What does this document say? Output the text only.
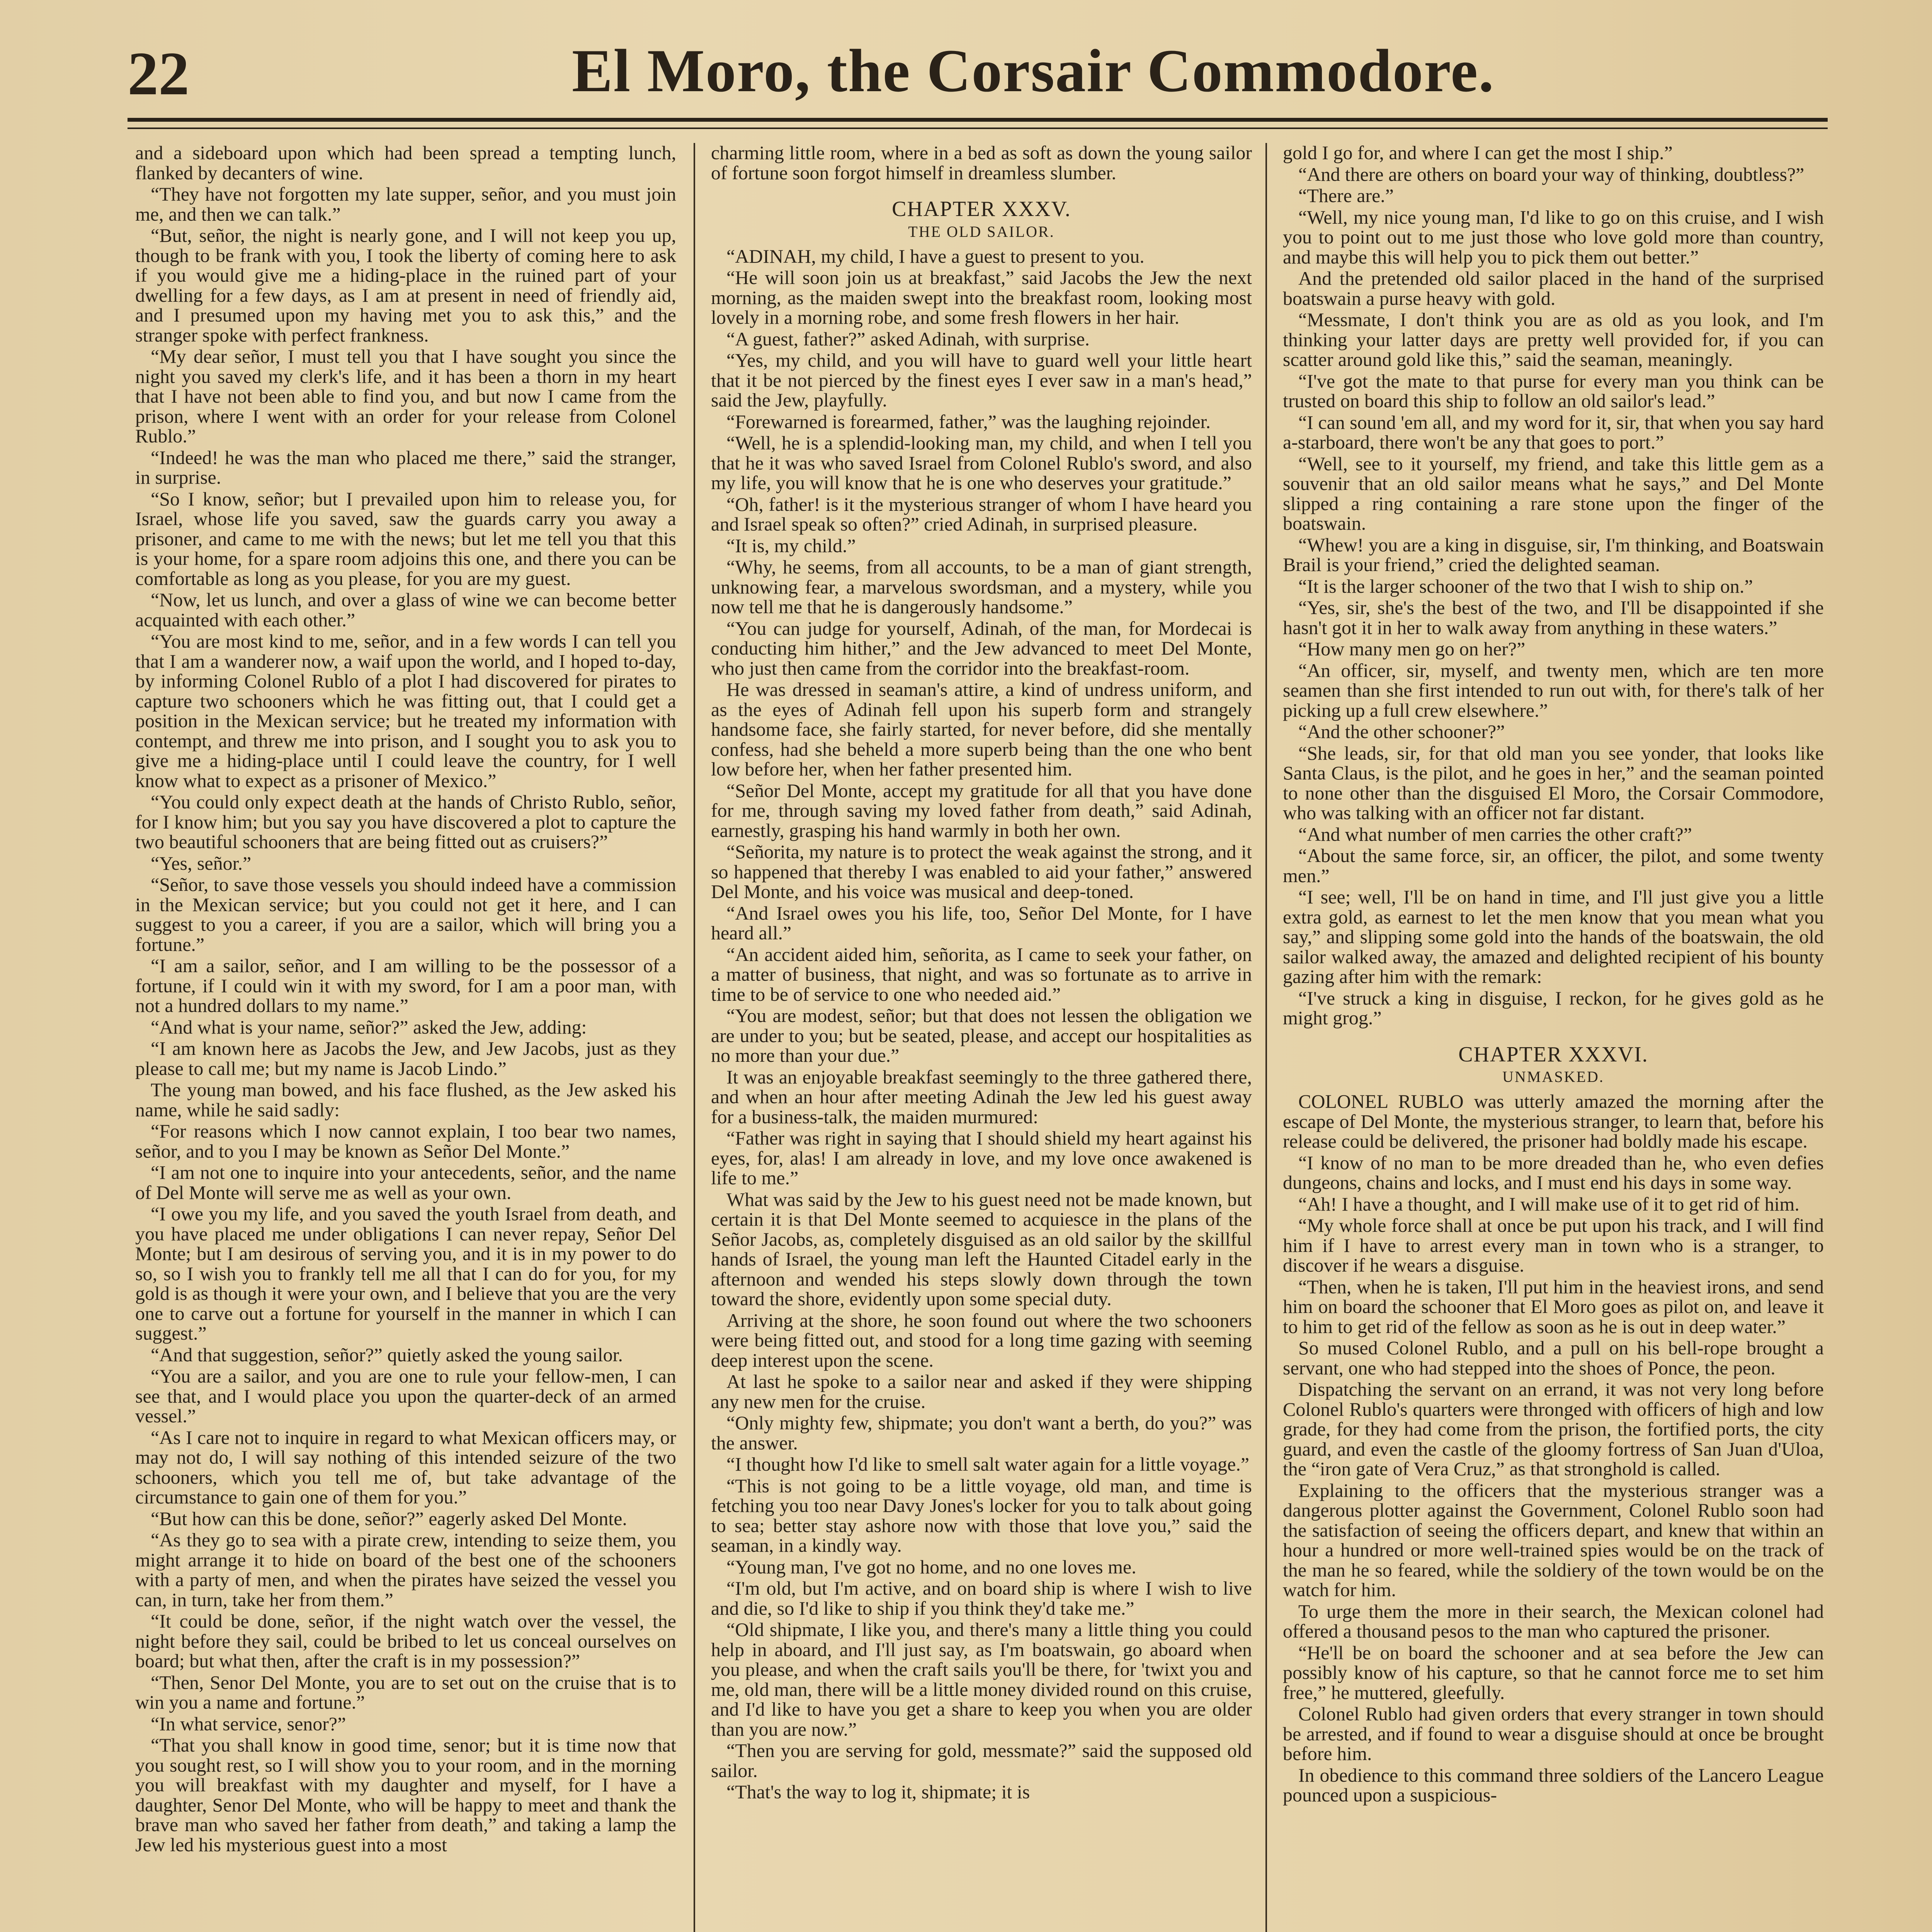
22	El Moro, the Corsair Commodore.

and a sideboard upon which had been spread a tempting lunch, flanked by decanters of wine.

“They have not forgotten my late supper, señor, and you must join me, and then we can talk.”

“But, señor, the night is nearly gone, and I will not keep you up, though to be frank with you, I took the liberty of coming here to ask if you would give me a hiding-place in the ruined part of your dwelling for a few days, as I am at present in need of friendly aid, and I presumed upon my having met you to ask this,” and the stranger spoke with perfect frankness.

“My dear señor, I must tell you that I have sought you since the night you saved my clerk's life, and it has been a thorn in my heart that I have not been able to find you, and but now I came from the prison, where I went with an order for your release from Colonel Rublo.”

“Indeed! he was the man who placed me there,” said the stranger, in surprise.

“So I know, señor; but I prevailed upon him to release you, for Israel, whose life you saved, saw the guards carry you away a prisoner, and came to me with the news; but let me tell you that this is your home, for a spare room adjoins this one, and there you can be comfortable as long as you please, for you are my guest.

“Now, let us lunch, and over a glass of wine we can become better acquainted with each other.”

“You are most kind to me, señor, and in a few words I can tell you that I am a wanderer now, a waif upon the world, and I hoped to-day, by informing Colonel Rublo of a plot I had discovered for pirates to capture two schooners which he was fitting out, that I could get a position in the Mexican service; but he treated my information with contempt, and threw me into prison, and I sought you to ask you to give me a hiding-place until I could leave the country, for I well know what to expect as a prisoner of Mexico.”

“You could only expect death at the hands of Christo Rublo, señor, for I know him; but you say you have discovered a plot to capture the two beautiful schooners that are being fitted out as cruisers?”

“Yes, señor.”

“Señor, to save those vessels you should indeed have a commission in the Mexican service; but you could not get it here, and I can suggest to you a career, if you are a sailor, which will bring you a fortune.”

“I am a sailor, señor, and I am willing to be the possessor of a fortune, if I could win it with my sword, for I am a poor man, with not a hundred dollars to my name.”

“And what is your name, señor?” asked the Jew, adding:

“I am known here as Jacobs the Jew, and Jew Jacobs, just as they please to call me; but my name is Jacob Lindo.”

The young man bowed, and his face flushed, as the Jew asked his name, while he said sadly:

“For reasons which I now cannot explain, I too bear two names, señor, and to you I may be known as Señor Del Monte.”

“I am not one to inquire into your antecedents, señor, and the name of Del Monte will serve me as well as your own.

“I owe you my life, and you saved the youth Israel from death, and you have placed me under obligations I can never repay, Señor Del Monte; but I am desirous of serving you, and it is in my power to do so, so I wish you to frankly tell me all that I can do for you, for my gold is as though it were your own, and I believe that you are the very one to carve out a fortune for yourself in the manner in which I can suggest.”

“And that suggestion, señor?” quietly asked the young sailor.

“You are a sailor, and you are one to rule your fellow-men, I can see that, and I would place you upon the quarter-deck of an armed vessel.”

“As I care not to inquire in regard to what Mexican officers may, or may not do, I will say nothing of this intended seizure of the two schooners, which you tell me of, but take advantage of the circumstance to gain one of them for you.”

“But how can this be done, señor?” eagerly asked Del Monte.

“As they go to sea with a pirate crew, intending to seize them, you might arrange it to hide on board of the best one of the schooners with a party of men, and when the pirates have seized the vessel you can, in turn, take her from them.”

“It could be done, señor, if the night watch over the vessel, the night before they sail, could be bribed to let us conceal ourselves on board; but what then, after the craft is in my possession?”

“Then, Senor Del Monte, you are to set out on the cruise that is to win you a name and fortune.”

“In what service, senor?”

“That you shall know in good time, senor; but it is time now that you sought rest, so I will show you to your room, and in the morning you will breakfast with my daughter and myself, for I have a daughter, Senor Del Monte, who will be happy to meet and thank the brave man who saved her father from death,” and taking a lamp the Jew led his mysterious guest into a most

charming little room, where in a bed as soft as down the young sailor of fortune soon forgot himself in dreamless slumber.

CHAPTER XXXV.
THE OLD SAILOR.

“ADINAH, my child, I have a guest to present to you.

“He will soon join us at breakfast,” said Jacobs the Jew the next morning, as the maiden swept into the breakfast room, looking most lovely in a morning robe, and some fresh flowers in her hair.

“A guest, father?” asked Adinah, with surprise.

“Yes, my child, and you will have to guard well your little heart that it be not pierced by the finest eyes I ever saw in a man's head,” said the Jew, playfully.

“Forewarned is forearmed, father,” was the laughing rejoinder.

“Well, he is a splendid-looking man, my child, and when I tell you that he it was who saved Israel from Colonel Rublo's sword, and also my life, you will know that he is one who deserves your gratitude.”

“Oh, father! is it the mysterious stranger of whom I have heard you and Israel speak so often?” cried Adinah, in surprised pleasure.

“It is, my child.”

“Why, he seems, from all accounts, to be a man of giant strength, unknowing fear, a marvelous swordsman, and a mystery, while you now tell me that he is dangerously handsome.”

“You can judge for yourself, Adinah, of the man, for Mordecai is conducting him hither,” and the Jew advanced to meet Del Monte, who just then came from the corridor into the breakfast-room.

He was dressed in seaman's attire, a kind of undress uniform, and as the eyes of Adinah fell upon his superb form and strangely handsome face, she fairly started, for never before, did she mentally confess, had she beheld a more superb being than the one who bent low before her, when her father presented him.

“Señor Del Monte, accept my gratitude for all that you have done for me, through saving my loved father from death,” said Adinah, earnestly, grasping his hand warmly in both her own.

“Señorita, my nature is to protect the weak against the strong, and it so happened that thereby I was enabled to aid your father,” answered Del Monte, and his voice was musical and deep-toned.

“And Israel owes you his life, too, Señor Del Monte, for I have heard all.”

“An accident aided him, señorita, as I came to seek your father, on a matter of business, that night, and was so fortunate as to arrive in time to be of service to one who needed aid.”

“You are modest, señor; but that does not lessen the obligation we are under to you; but be seated, please, and accept our hospitalities as no more than your due.”

It was an enjoyable breakfast seemingly to the three gathered there, and when an hour after meeting Adinah the Jew led his guest away for a business-talk, the maiden murmured:

“Father was right in saying that I should shield my heart against his eyes, for, alas! I am already in love, and my love once awakened is life to me.”

What was said by the Jew to his guest need not be made known, but certain it is that Del Monte seemed to acquiesce in the plans of the Señor Jacobs, as, completely disguised as an old sailor by the skillful hands of Israel, the young man left the Haunted Citadel early in the afternoon and wended his steps slowly down through the town toward the shore, evidently upon some special duty.

Arriving at the shore, he soon found out where the two schooners were being fitted out, and stood for a long time gazing with seeming deep interest upon the scene.

At last he spoke to a sailor near and asked if they were shipping any new men for the cruise.

“Only mighty few, shipmate; you don't want a berth, do you?” was the answer.

“I thought how I'd like to smell salt water again for a little voyage.”

“This is not going to be a little voyage, old man, and time is fetching you too near Davy Jones's locker for you to talk about going to sea; better stay ashore now with those that love you,” said the seaman, in a kindly way.

“Young man, I've got no home, and no one loves me.

“I'm old, but I'm active, and on board ship is where I wish to live and die, so I'd like to ship if you think they'd take me.”

“Old shipmate, I like you, and there's many a little thing you could help in aboard, and I'll just say, as I'm boatswain, go aboard when you please, and when the craft sails you'll be there, for 'twixt you and me, old man, there will be a little money divided round on this cruise, and I'd like to have you get a share to keep you when you are older than you are now.”

“Then you are serving for gold, messmate?” said the supposed old sailor.

“That's the way to log it, shipmate; it is

gold I go for, and where I can get the most I ship.”

“And there are others on board your way of thinking, doubtless?”

“There are.”

“Well, my nice young man, I'd like to go on this cruise, and I wish you to point out to me just those who love gold more than country, and maybe this will help you to pick them out better.”

And the pretended old sailor placed in the hand of the surprised boatswain a purse heavy with gold.

“Messmate, I don't think you are as old as you look, and I'm thinking your latter days are pretty well provided for, if you can scatter around gold like this,” said the seaman, meaningly.

“I've got the mate to that purse for every man you think can be trusted on board this ship to follow an old sailor's lead.”

“I can sound 'em all, and my word for it, sir, that when you say hard a-starboard, there won't be any that goes to port.”

“Well, see to it yourself, my friend, and take this little gem as a souvenir that an old sailor means what he says,” and Del Monte slipped a ring containing a rare stone upon the finger of the boatswain.

“Whew! you are a king in disguise, sir, I'm thinking, and Boatswain Brail is your friend,” cried the delighted seaman.

“It is the larger schooner of the two that I wish to ship on.”

“Yes, sir, she's the best of the two, and I'll be disappointed if she hasn't got it in her to walk away from anything in these waters.”

“How many men go on her?”

“An officer, sir, myself, and twenty men, which are ten more seamen than she first intended to run out with, for there's talk of her picking up a full crew elsewhere.”

“And the other schooner?”

“She leads, sir, for that old man you see yonder, that looks like Santa Claus, is the pilot, and he goes in her,” and the seaman pointed to none other than the disguised El Moro, the Corsair Commodore, who was talking with an officer not far distant.

“And what number of men carries the other craft?”

“About the same force, sir, an officer, the pilot, and some twenty men.”

“I see; well, I'll be on hand in time, and I'll just give you a little extra gold, as earnest to let the men know that you mean what you say,” and slipping some gold into the hands of the boatswain, the old sailor walked away, the amazed and delighted recipient of his bounty gazing after him with the remark:

“I've struck a king in disguise, I reckon, for he gives gold as he might grog.”

CHAPTER XXXVI.
UNMASKED.

COLONEL RUBLO was utterly amazed the morning after the escape of Del Monte, the mysterious stranger, to learn that, before his release could be delivered, the prisoner had boldly made his escape.

“I know of no man to be more dreaded than he, who even defies dungeons, chains and locks, and I must end his days in some way.

“Ah! I have a thought, and I will make use of it to get rid of him.

“My whole force shall at once be put upon his track, and I will find him if I have to arrest every man in town who is a stranger, to discover if he wears a disguise.

“Then, when he is taken, I'll put him in the heaviest irons, and send him on board the schooner that El Moro goes as pilot on, and leave it to him to get rid of the fellow as soon as he is out in deep water.”

So mused Colonel Rublo, and a pull on his bell-rope brought a servant, one who had stepped into the shoes of Ponce, the peon.

Dispatching the servant on an errand, it was not very long before Colonel Rublo's quarters were thronged with officers of high and low grade, for they had come from the prison, the fortified ports, the city guard, and even the castle of the gloomy fortress of San Juan d'Uloa, the “iron gate of Vera Cruz,” as that stronghold is called.

Explaining to the officers that the mysterious stranger was a dangerous plotter against the Government, Colonel Rublo soon had the satisfaction of seeing the officers depart, and knew that within an hour a hundred or more well-trained spies would be on the track of the man he so feared, while the soldiery of the town would be on the watch for him.

To urge them the more in their search, the Mexican colonel had offered a thousand pesos to the man who captured the prisoner.

“He'll be on board the schooner and at sea before the Jew can possibly know of his capture, so that he cannot force me to set him free,” he muttered, gleefully.

Colonel Rublo had given orders that every stranger in town should be arrested, and if found to wear a disguise should at once be brought before him.

In obedience to this command three soldiers of the Lancero League pounced upon a suspicious-
